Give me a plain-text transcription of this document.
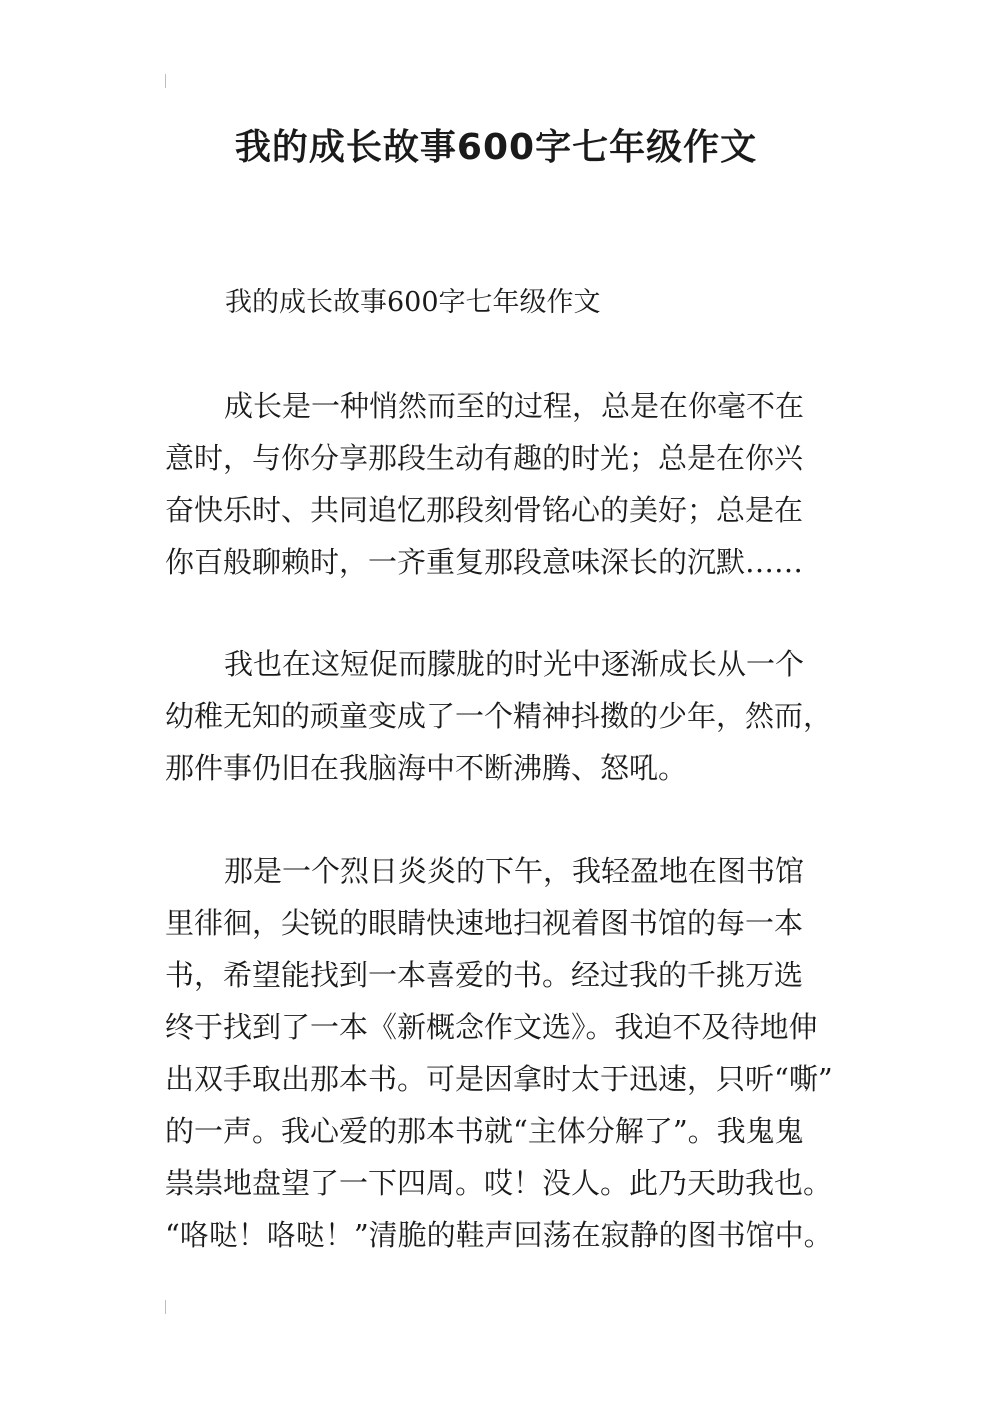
我的成长故事600字七年级作文

我的成长故事600字七年级作文

成长是一种悄然而至的过程，总是在你毫不在
意时，与你分享那段生动有趣的时光；总是在你兴
奋快乐时、共同追忆那段刻骨铭心的美好；总是在
你百般聊赖时，一齐重复那段意味深长的沉默……

我也在这短促而朦胧的时光中逐渐成长从一个
幼稚无知的顽童变成了一个精神抖擞的少年，然而，
那件事仍旧在我脑海中不断沸腾、怒吼。

那是一个烈日炎炎的下午，我轻盈地在图书馆
里徘徊，尖锐的眼睛快速地扫视着图书馆的每一本
书，希望能找到一本喜爱的书。经过我的千挑万选
终于找到了一本《新概念作文选》。我迫不及待地伸
出双手取出那本书。可是因拿时太于迅速，只听“嘶”
的一声。我心爱的那本书就“主体分解了”。我鬼鬼
祟祟地盘望了一下四周。哎！没人。此乃天助我也。
“咯哒！咯哒！”清脆的鞋声回荡在寂静的图书馆中。
